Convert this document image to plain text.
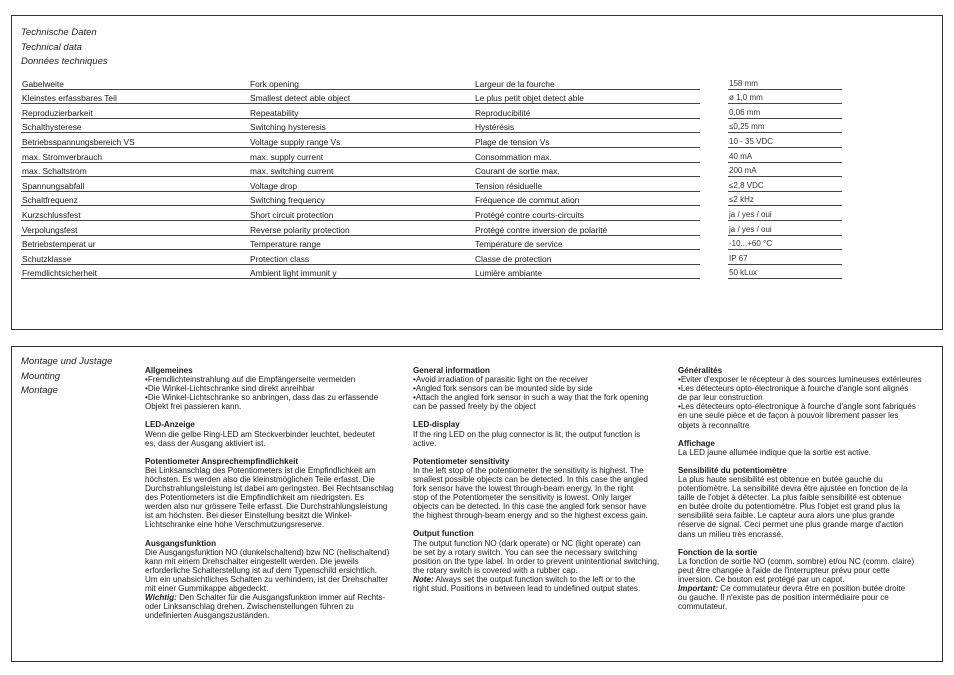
Technische Daten
Technical data
Données techniques
Gabelweite	Fork opening	Largeur de la fourche		158 mm
Kleinstes erfassbares Teil	Smallest detect able object	Le plus petit objet detect able		ø 1,0 mm
Reproduzierbarkeit	Repeatability	Reproducibilité		0,06 mm
Schalthysterese	Switching hysteresis	Hystérésis		≤0,25 mm
Betriebsspannungsbereich VS	Voltage supply range Vs	Plage de tension Vs		10 - 35 VDC
max. Stromverbrauch	max. supply current	Consommation max.		40 mA
max. Schaltstrom	max. switching current	Courant de sortie max.		200 mA
Spannungsabfall	Voltage drop	Tension résiduelle		≤2,8 VDC
Schaltfrequenz	Switching frequency	Fréquence de commut ation		≤2 kHz
Kurzschlussfest	Short circuit protection	Protégé contre courts-circuits		ja / yes / oui
Verpolungsfest	Reverse polarity protection	Protégé contre inversion de polarité		ja / yes / oui
Betriebstemperat ur	Temperature range	Température de service		-10...+60 °C
Schutzklasse	Protection class	Classe de protection		IP 67
Fremdlichtsicherheit	Ambient light immunit y	Lumière ambiante		50 kLux
Montage und Justage
Mounting
Montage
Allgemeines
•Fremdlichteinstrahlung auf die Empfängerseite vermeiden
•Die Winkel-Lichtschranke sind direkt anreihbar
•Die Winkel-Lichtschranke so anbringen, dass das zu erfassende
Objekt frei passieren kann.
LED-Anzeige
Wenn die gelbe Ring-LED am Steckverbinder leuchtet, bedeutet
es, dass der Ausgang aktiviert ist.
Potentiometer Ansprechempfindlichkeit
Bei Linksanschlag des Potentiometers ist die Empfindlichkeit am
höchsten. Es werden also die kleinstmöglichen Teile erfasst. Die
Durchstrahlungsleistung ist dabei am geringsten. Bei Rechtsanschlag
des Potentiometers ist die Empfindlichkeit am niedrigsten. Es
werden also nur grössere Teile erfasst. Die Durchstrahlungsleistung
ist am höchsten. Bei dieser Einstellung besitzt die Winkel-
Lichtschranke eine hohe Verschmutzungsreserve.
Ausgangsfunktion
Die Ausgangsfunktion NO (dunkelschaltend) bzw NC (hellschaltend)
kann mit einem Drehschalter eingestellt werden. Die jeweils
erforderliche Schalterstellung ist auf dem Typenschild ersichtlich.
Um ein unabsichtliches Schalten zu verhindern, ist der Drehschalter
mit einer Gummikappe abgedeckt.
Wichtig: Den Schalter für die Ausgangsfunktion immer auf Rechts-
oder Linksanschlag drehen. Zwischenstellungen führen zu
undefinierten Ausgangszuständen.
General information
•Avoid irradiation of parasitic light on the receiver
•Angled fork sensors can be mounted side by side
•Attach the angled fork sensor in such a way that the fork opening
can be passed freely by the object
LED-display
If the ring LED on the plug connector is lit, the output function is
active.
Potentiometer sensitivity
In the left stop of the potentiometer the sensitivity is highest. The
smallest possible objects can be detected. In this case the angled
fork sensor have the lowest through-beam energy. In the right
stop of the Potentiometer the sensitivity is lowest. Only larger
objects can be detected. In this case the angled fork sensor have
the highest through-beam energy and so the highest excess gain.
Output function
The output function NO (dark operate) or NC (light operate) can
be set by a rotary switch. You can see the necessary switching
position on the type label. In order to prevent unintentional switching,
the rotary switch is covered with a rubber cap.
Note: Always set the output function switch to the left or to the
right stud. Positions in between lead to undefined output states.
Généralités
•Eviter d'exposer le récepteur à des sources lumineuses extérieures
•Les détecteurs opto-électronique à fourche d'angle sont alignés
de par leur construction
•Les détecteurs opto-électronique à fourche d'angle sont fabriqués
en une seule pièce et de façon à pouvoir librement passer les
objets à reconnaître
Affichage
La LED jaune allumée indique que la sortie est active.
Sensibilité du potentiomètre
La plus haute sensibilité est obtenue en butée gauche du
potentiomètre. La sensibilité devra être ajustée en fonction de la
taille de l'objet à détecter. La plus faible sensibilité est obtenue
en butée droite du potentiomètre. Plus l'objet est grand plus la
sensibilité sera faible. Le capteur aura alors une plus grande
réserve de signal. Ceci permet une plus grande marge d'action
dans un milieu très encrassé.
Fonction de la sortie
La fonction de sortie NO (comm. sombre) et/ou NC (comm. claire)
peut être changée à l'aide de l'interrupteur prévu pour cette
inversion. Ce bouton est protégé par un capot.
Important: Ce commutateur devra être en position butée droite
ou gauche. Il n'existe pas de position intermédiaire pour ce
commutateur.
